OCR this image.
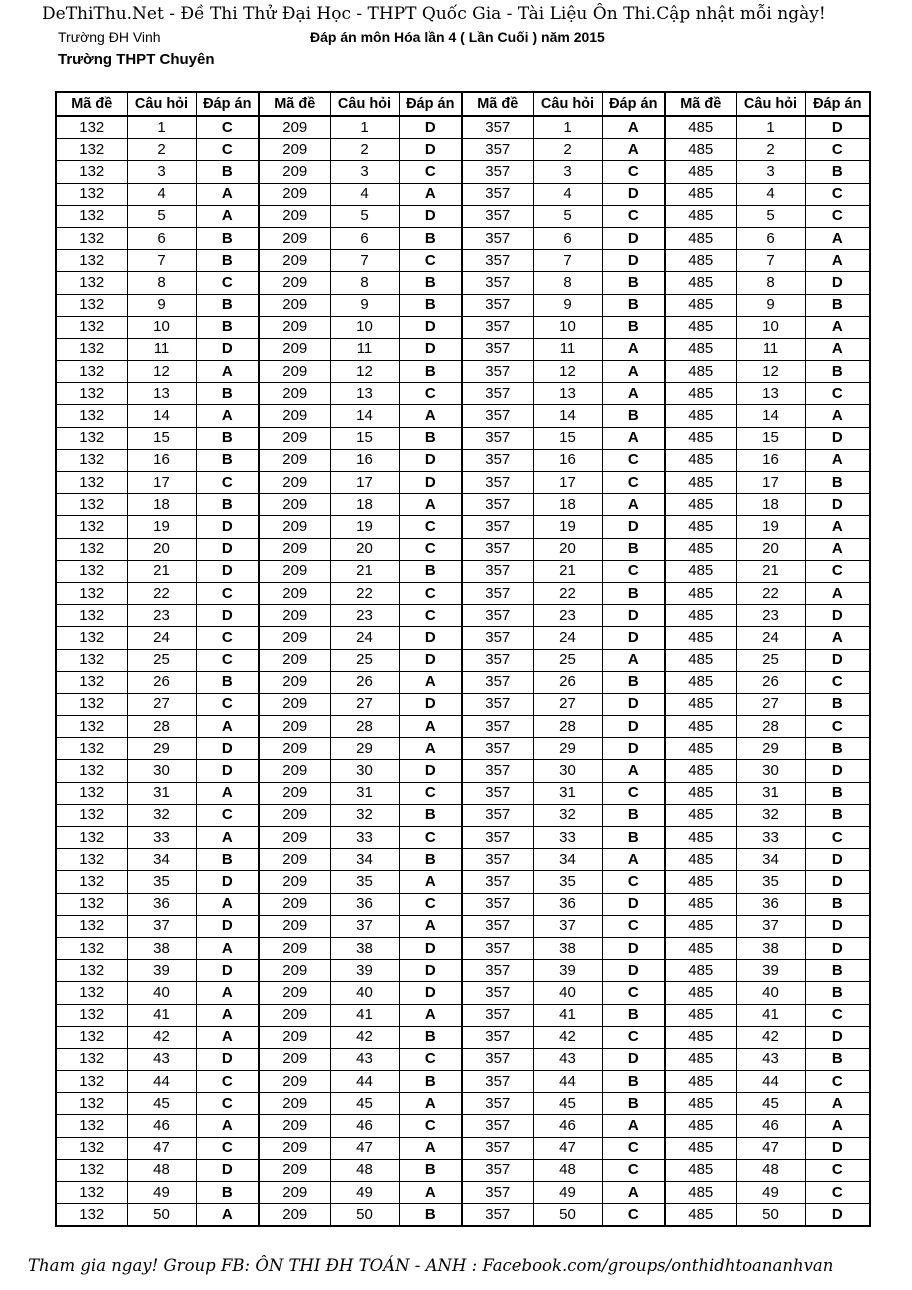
DeThiThu.Net - Đề Thi Thử Đại Học - THPT Quốc Gia - Tài Liệu Ôn Thi.Cập nhật mỗi ngày!
Trường ĐH Vinh	Đáp án môn Hóa lần 4 ( Lần Cuối ) năm 2015
Trường THPT Chuyên
Mã đề	Câu hỏi	Đáp án	Mã đề	Câu hỏi	Đáp án	Mã đề	Câu hỏi	Đáp án	Mã đề	Câu hỏi	Đáp án
132	1	C	209	1	D	357	1	A	485	1	D
132	2	C	209	2	D	357	2	A	485	2	C
132	3	B	209	3	C	357	3	C	485	3	B
132	4	A	209	4	A	357	4	D	485	4	C
132	5	A	209	5	D	357	5	C	485	5	C
132	6	B	209	6	B	357	6	D	485	6	A
132	7	B	209	7	C	357	7	D	485	7	A
132	8	C	209	8	B	357	8	B	485	8	D
132	9	B	209	9	B	357	9	B	485	9	B
132	10	B	209	10	D	357	10	B	485	10	A
132	11	D	209	11	D	357	11	A	485	11	A
132	12	A	209	12	B	357	12	A	485	12	B
132	13	B	209	13	C	357	13	A	485	13	C
132	14	A	209	14	A	357	14	B	485	14	A
132	15	B	209	15	B	357	15	A	485	15	D
132	16	B	209	16	D	357	16	C	485	16	A
132	17	C	209	17	D	357	17	C	485	17	B
132	18	B	209	18	A	357	18	A	485	18	D
132	19	D	209	19	C	357	19	D	485	19	A
132	20	D	209	20	C	357	20	B	485	20	A
132	21	D	209	21	B	357	21	C	485	21	C
132	22	C	209	22	C	357	22	B	485	22	A
132	23	D	209	23	C	357	23	D	485	23	D
132	24	C	209	24	D	357	24	D	485	24	A
132	25	C	209	25	D	357	25	A	485	25	D
132	26	B	209	26	A	357	26	B	485	26	C
132	27	C	209	27	D	357	27	D	485	27	B
132	28	A	209	28	A	357	28	D	485	28	C
132	29	D	209	29	A	357	29	D	485	29	B
132	30	D	209	30	D	357	30	A	485	30	D
132	31	A	209	31	C	357	31	C	485	31	B
132	32	C	209	32	B	357	32	B	485	32	B
132	33	A	209	33	C	357	33	B	485	33	C
132	34	B	209	34	B	357	34	A	485	34	D
132	35	D	209	35	A	357	35	C	485	35	D
132	36	A	209	36	C	357	36	D	485	36	B
132	37	D	209	37	A	357	37	C	485	37	D
132	38	A	209	38	D	357	38	D	485	38	D
132	39	D	209	39	D	357	39	D	485	39	B
132	40	A	209	40	D	357	40	C	485	40	B
132	41	A	209	41	A	357	41	B	485	41	C
132	42	A	209	42	B	357	42	C	485	42	D
132	43	D	209	43	C	357	43	D	485	43	B
132	44	C	209	44	B	357	44	B	485	44	C
132	45	C	209	45	A	357	45	B	485	45	A
132	46	A	209	46	C	357	46	A	485	46	A
132	47	C	209	47	A	357	47	C	485	47	D
132	48	D	209	48	B	357	48	C	485	48	C
132	49	B	209	49	A	357	49	A	485	49	C
132	50	A	209	50	B	357	50	C	485	50	D
Tham gia ngay! Group FB: ÔN THI ĐH TOÁN - ANH : Facebook.com/groups/onthidhtoananhvan
